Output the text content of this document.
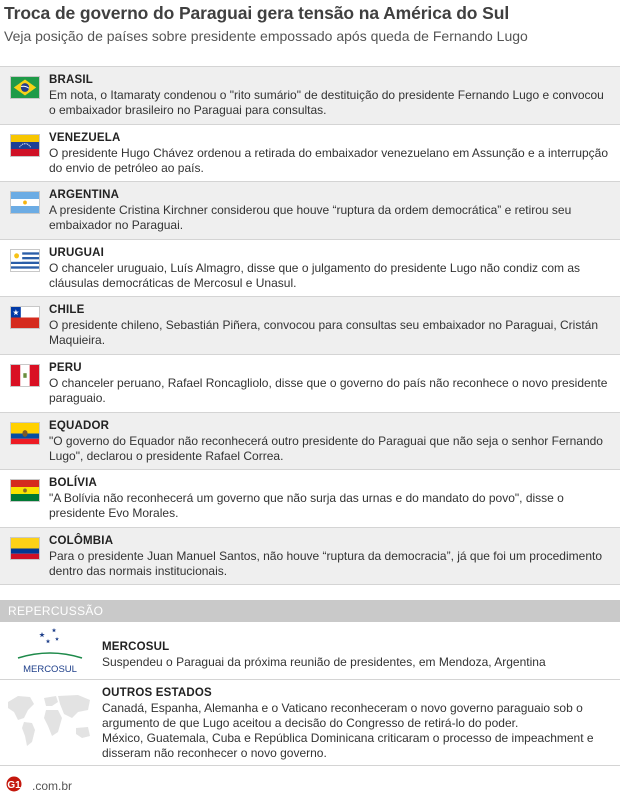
Troca de governo do Paraguai gera tensão na América do Sul
Veja posição de países sobre presidente empossado após queda de Fernando Lugo
BRASIL
Em nota, o Itamaraty condenou o "rito sumário" de destituição do presidente Fernando Lugo e convocou
o embaixador brasileiro no Paraguai para consultas.
VENEZUELA
O presidente Hugo Chávez ordenou a retirada do embaixador venezuelano em Assunção e a interrupção
do envio de petróleo ao país.
ARGENTINA
A presidente Cristina Kirchner considerou que houve “ruptura da ordem democrática” e retirou seu
embaixador no Paraguai.
URUGUAI
O chanceler uruguaio, Luís Almagro, disse que o julgamento do presidente Lugo não condiz com as
cláusulas democráticas de Mercosul e Unasul.
CHILE
O presidente chileno, Sebastián Piñera, convocou para consultas seu embaixador no Paraguai, Cristán
Maquieira.
PERU
O chanceler peruano, Rafael Roncagliolo, disse que o governo do país não reconhece o novo presidente
paraguaio.
EQUADOR
"O governo do Equador não reconhecerá outro presidente do Paraguai que não seja o senhor Fernando
Lugo", declarou o presidente Rafael Correa.
BOLÍVIA
"A Bolívia não reconhecerá um governo que não surja das urnas e do mandato do povo", disse o
presidente Evo Morales.
COLÔMBIA
Para o presidente Juan Manuel Santos, não houve “ruptura da democracia”, já que foi um procedimento
dentro das normais institucionais.
REPERCUSSÃO
MERCOSUL
MERCOSUL
Suspendeu o Paraguai da próxima reunião de presidentes, em Mendoza, Argentina
OUTROS ESTADOS
Canadá, Espanha, Alemanha e o Vaticano reconheceram o novo governo paraguaio sob o
argumento de que Lugo aceitou a decisão do Congresso de retirá-lo do poder.
México, Guatemala, Cuba e República Dominicana criticaram o processo de impeachment e
disseram não reconhecer o novo governo.
G1 .com.br
